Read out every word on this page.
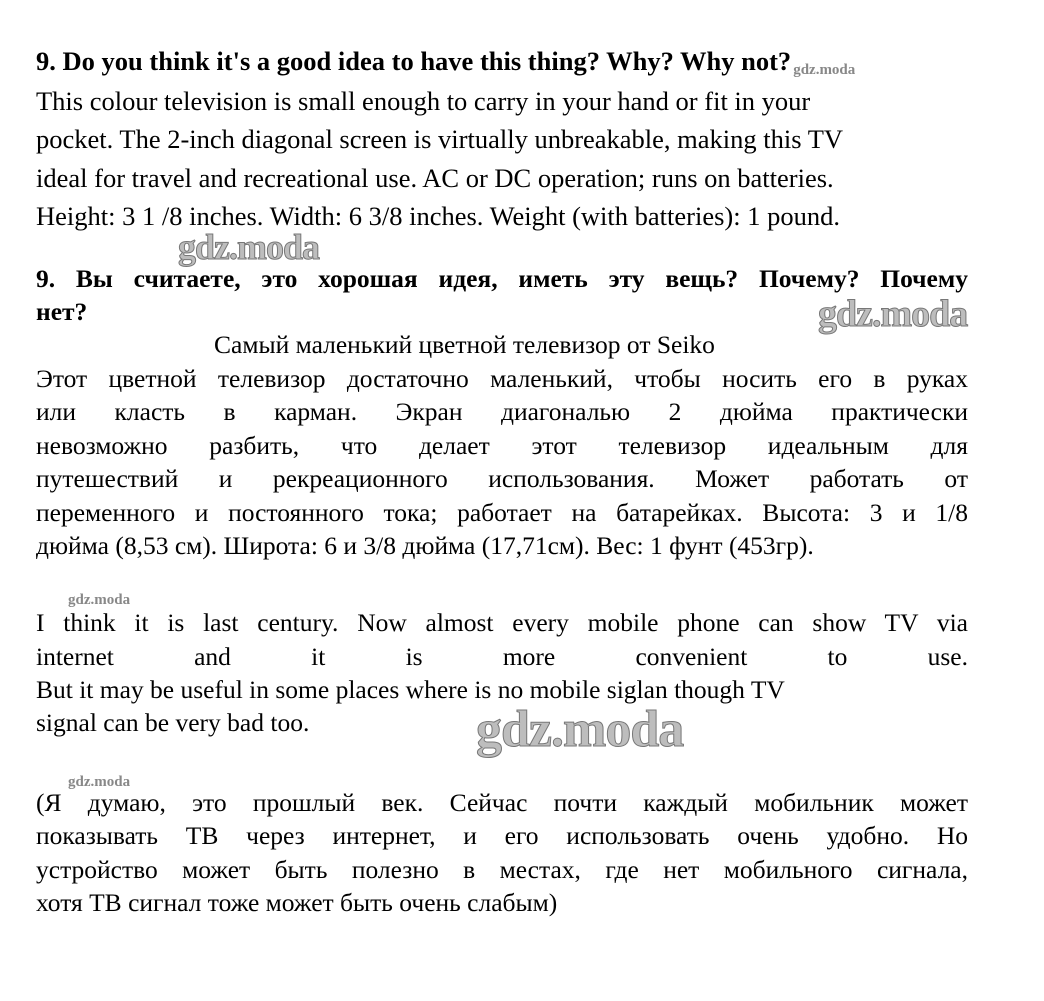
9. Do you think it's a good idea to have this thing? Why? Why not? gdz.moda
This colour television is small enough to carry in your hand or fit in your
pocket. The 2-inch diagonal screen is virtually unbreakable, making this TV
ideal for travel and recreational use. AC or DC operation; runs on batteries.
Height: 3 1 /8 inches. Width: 6 3/8 inches. Weight (with batteries): 1 pound.
gdz.moda
9. Вы считаете, это хорошая идея, иметь эту вещь? Почему? Почему
нет?	gdz.moda
Самый маленький цветной телевизор от Seiko
Этот цветной телевизор достаточно маленький, чтобы носить его в руках
или класть в карман. Экран диагональю 2 дюйма практически
невозможно разбить, что делает этот телевизор идеальным для
путешествий и рекреационного использования. Может работать от
переменного и постоянного тока; работает на батарейках. Высота: 3 и 1/8
дюйма (8,53 см). Широта: 6 и 3/8 дюйма (17,71см). Вес: 1 фунт (453гр).
gdz.moda
I think it is last century. Now almost every mobile phone can show TV via
internet and it is more convenient to use.
But it may be useful in some places where is no mobile siglan though TV
signal can be very bad too.	gdz.moda
gdz.moda
(Я думаю, это прошлый век. Сейчас почти каждый мобильник может
показывать ТВ через интернет, и его использовать очень удобно. Но
устройство может быть полезно в местах, где нет мобильного сигнала,
хотя ТВ сигнал тоже может быть очень слабым)
